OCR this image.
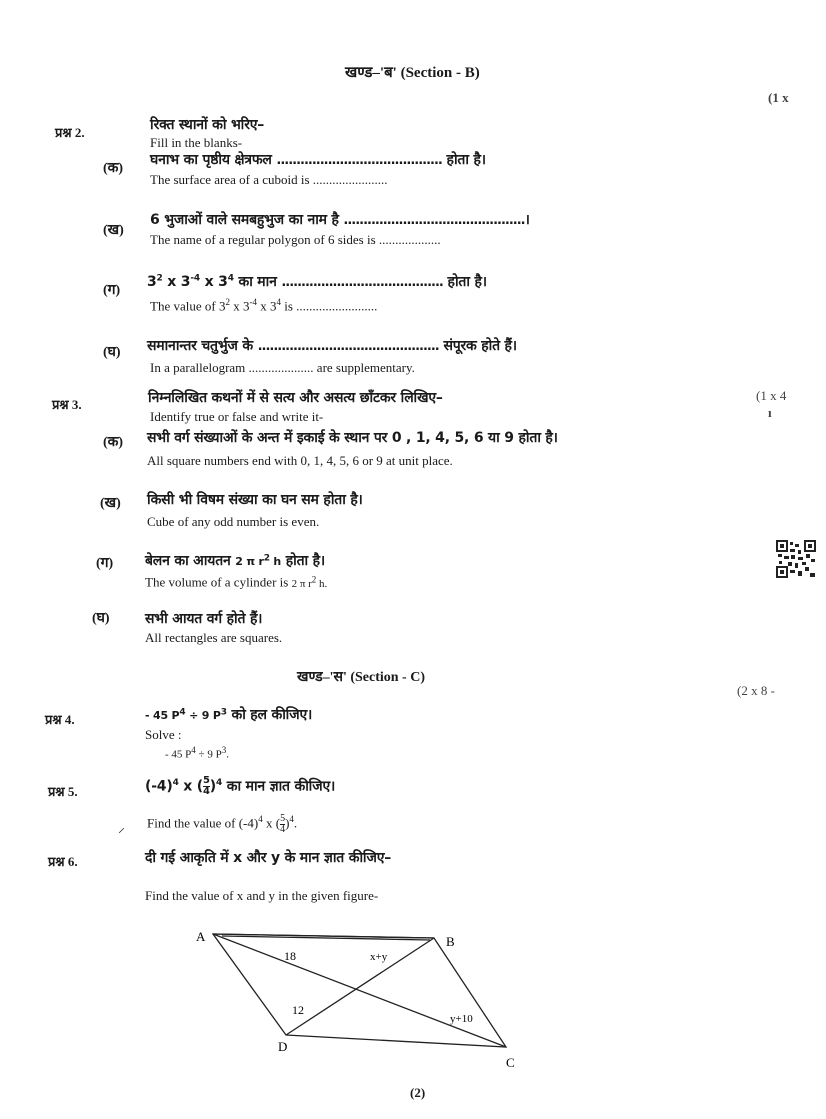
खण्ड–'ब' (Section - B)
(1 x
प्रश्न 2.	रिक्त स्थानों को भरिए–
Fill in the blanks-
(क)
घनाभ का पृष्ठीय क्षेत्रफल .......................................... होता है।
The surface area of a cuboid is .......................
(ख)
6 भुजाओं वाले समबहुभुज का नाम है ..............................................।
The name of a regular polygon of 6 sides is ...................
(ग)
$3^2$ x $3^{-4}$ x $3^4$ का मान ......................................... होता है।
The value of $3^2$ x $3^{-4}$ x $3^4$ is .........................
(घ) समानान्तर चतुर्भुज के .............................................. संपूरक होते हैं।
In a parallelogram .................... are supplementary.
प्रश्न 3.	निम्नलिखित कथनों में से सत्य और असत्य छाँटकर लिखिए–
Identify true or false and write it-
(1 x 4
ı
(क) सभी वर्ग संख्याओं के अन्त में इकाई के स्थान पर 0 , 1, 4, 5, 6 या 9 होता है।
All square numbers end with 0, 1, 4, 5, 6 or 9 at unit place.
(ख) किसी भी विषम संख्या का घन सम होता है।
Cube of any odd number is even.
(ग) बेलन का आयतन 2 π $r^2$ h होता है।
The volume of a cylinder is 2 π $r^2$ h.
(घ)	सभी आयत वर्ग होते हैं।
All rectangles are squares.
खण्ड–'स' (Section - C)
(2 x 8 -
प्रश्न 4.	- 45 $P^4 \div 9$ $P^3$ को हल कीजिए।
Solve :
- 45 $P^4 \div 9$ $P^3$.
प्रश्न 5.	$(-4)^4$ x ( $\frac{5}{4} )^4$ का मान ज्ञात कीजिए।
⸝ Find the value of $(-4)^4$ x ( $\frac{5}{4} )^4$.
प्रश्न 6.	दी गई आकृति में x और y के मान ज्ञात कीजिए–
Find the value of x and y in the given figure-
A	B
C
D
18	x+y
12
y+10
(2)
